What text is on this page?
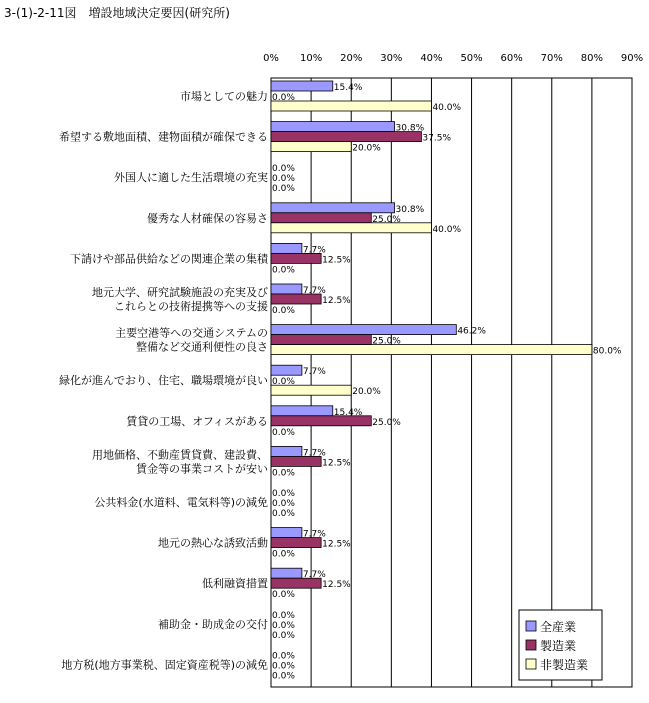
3-(1)-2-11図　増設地域決定要因(研究所)
0% 10% 20% 30% 40% 50% 60% 70% 80% 90%
市場としての魅力
希望する敷地面積、建物面積が確保できる
外国人に適した生活環境の充実
優秀な人材確保の容易さ
下請けや部品供給などの関連企業の集積
地元大学、研究試験施設の充実及び
これらとの技術提携等への支援
主要空港等への交通システムの
整備など交通利便性の良さ
緑化が進んでおり、住宅、職場環境が良い
賃貸の工場、オフィスがある
用地価格、不動産賃貸費、建設費、
賃金等の事業コストが安い
公共料金(水道料、電気料等)の減免
地元の熱心な誘致活動
低利融資措置
補助金・助成金の交付
地方税(地方事業税、固定資産税等)の減免
15.4%
30.8%
0.0%
30.8%
7.7%
7.7%
46.2%
7.7%
15.4%
7.7%
0.0%
7.7%
7.7%
0.0%
0.0%
0.0%
37.5%
0.0%
25.0%
12.5%
12.5%
25.0%
0.0%
25.0%
12.5%
0.0%
12.5%
12.5%
0.0%
0.0%
40.0%
20.0%
0.0%
40.0%
0.0%
0.0%
80.0%
20.0%
0.0%
0.0%
0.0%
0.0%
0.0%
0.0%
0.0%
全産業
製造業
非製造業
